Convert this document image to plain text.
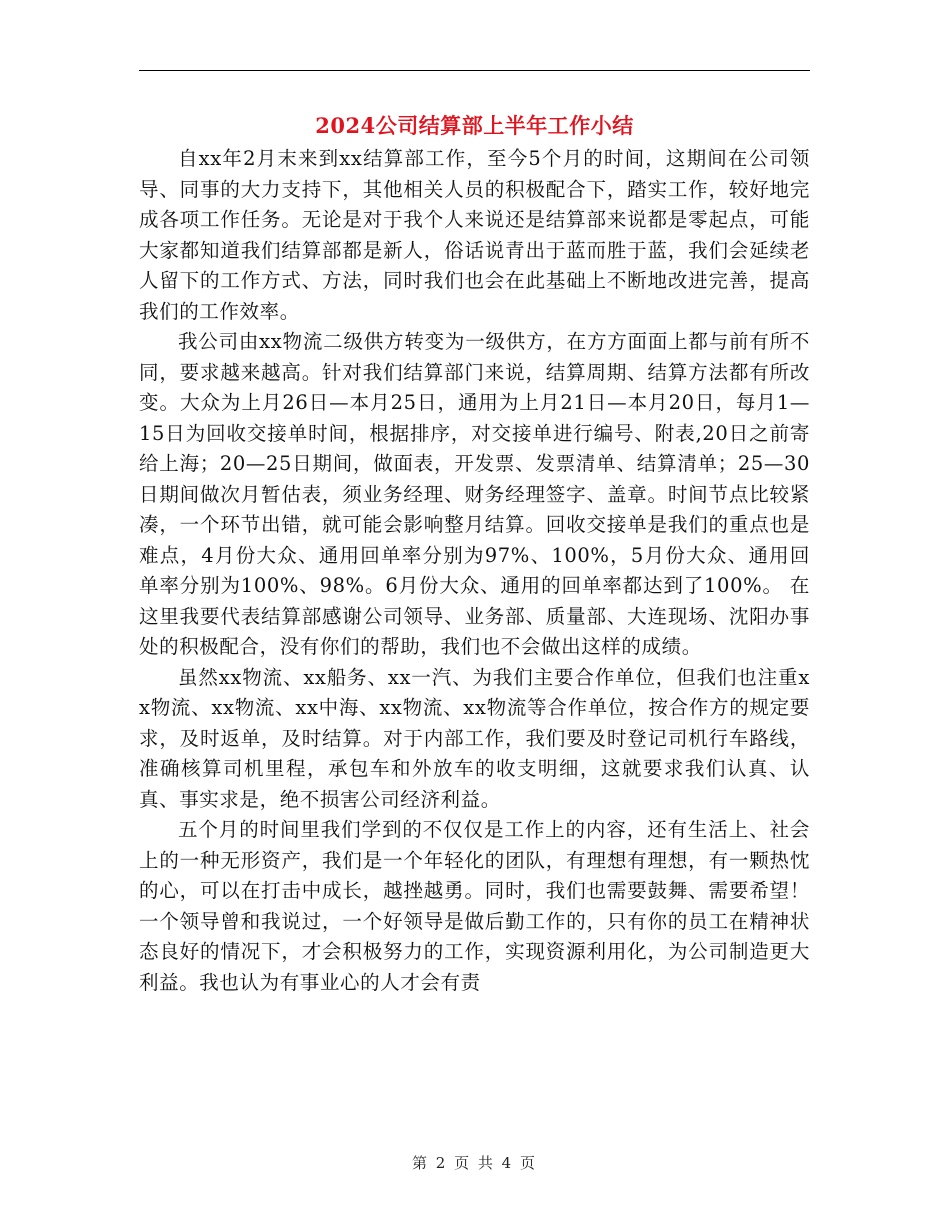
2024公司结算部上半年工作小结

自xx年2月末来到xx结算部工作，至今5个月的时间，这期间在公司领导、同事的大力支持下，其他相关人员的积极配合下，踏实工作，较好地完成各项工作任务。无论是对于我个人来说还是结算部来说都是零起点，可能大家都知道我们结算部都是新人，俗话说青出于蓝而胜于蓝，我们会延续老人留下的工作方式、方法，同时我们也会在此基础上不断地改进完善，提高我们的工作效率。

我公司由xx物流二级供方转变为一级供方，在方方面面上都与前有所不同，要求越来越高。针对我们结算部门来说，结算周期、结算方法都有所改变。大众为上月26日—本月25日，通用为上月21日—本月20日，每月1—15日为回收交接单时间，根据排序，对交接单进行编号、附表,20日之前寄给上海；20—25日期间，做面表，开发票、发票清单、结算清单；25—30日期间做次月暂估表，须业务经理、财务经理签字、盖章。时间节点比较紧凑，一个环节出错，就可能会影响整月结算。回收交接单是我们的重点也是难点，4月份大众、通用回单率分别为97%、100%，5月份大众、通用回单率分别为100%、98%。6月份大众、通用的回单率都达到了100%。 在这里我要代表结算部感谢公司领导、业务部、质量部、大连现场、沈阳办事处的积极配合，没有你们的帮助，我们也不会做出这样的成绩。

虽然xx物流、xx船务、xx一汽、为我们主要合作单位，但我们也注重xx物流、xx物流、xx中海、xx物流、xx物流等合作单位，按合作方的规定要求，及时返单，及时结算。对于内部工作，我们要及时登记司机行车路线，准确核算司机里程，承包车和外放车的收支明细，这就要求我们认真、认真、事实求是，绝不损害公司经济利益。

五个月的时间里我们学到的不仅仅是工作上的内容，还有生活上、社会上的一种无形资产，我们是一个年轻化的团队，有理想有理想，有一颗热忱的心，可以在打击中成长，越挫越勇。同时，我们也需要鼓舞、需要希望！一个领导曾和我说过，一个好领导是做后勤工作的，只有你的员工在精神状态良好的情况下，才会积极努力的工作，实现资源利用化，为公司制造更大利益。我也认为有事业心的人才会有责

第 2 页 共 4 页
